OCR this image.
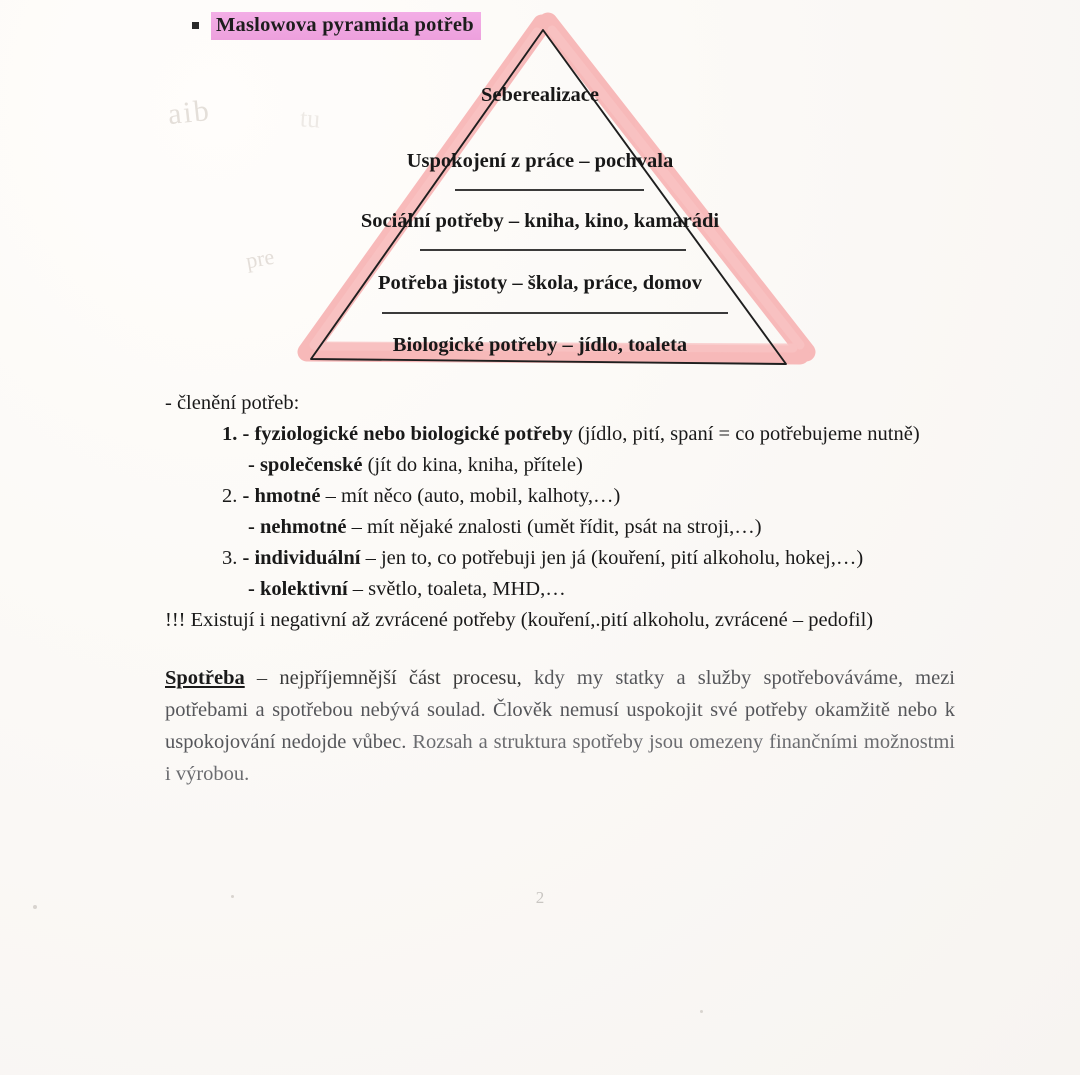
aib
pre
tu
Maslowova pyramida potřeb
Seberealizace
Uspokojení z práce – pochvala
Sociální potřeby – kniha, kino, kamarádi
Potřeba jistoty – škola, práce, domov
Biologické potřeby – jídlo, toaleta
- členění potřeb:
1. - fyziologické nebo biologické potřeby (jídlo, pití, spaní = co potřebujeme nutně)
- společenské (jít do kina, kniha, přítele)
2. - hmotné – mít něco (auto, mobil, kalhoty,…)
- nehmotné – mít nějaké znalosti (umět řídit, psát na stroji,…)
3. - individuální – jen to, co potřebuji jen já (kouření, pití alkoholu, hokej,…)
- kolektivní – světlo, toaleta, MHD,…
!!! Existují i negativní až zvrácené potřeby (kouření,.pití alkoholu, zvrácené – pedofil)
Spotřeba – nejpříjemnější část procesu, kdy my statky a služby spotřebováváme, mezi potřebami a spotřebou nebývá soulad. Člověk nemusí uspokojit své potřeby okamžitě nebo k uspokojování nedojde vůbec. Rozsah a struktura spotřeby jsou omezeny finančními možnostmi i výrobou.
2
